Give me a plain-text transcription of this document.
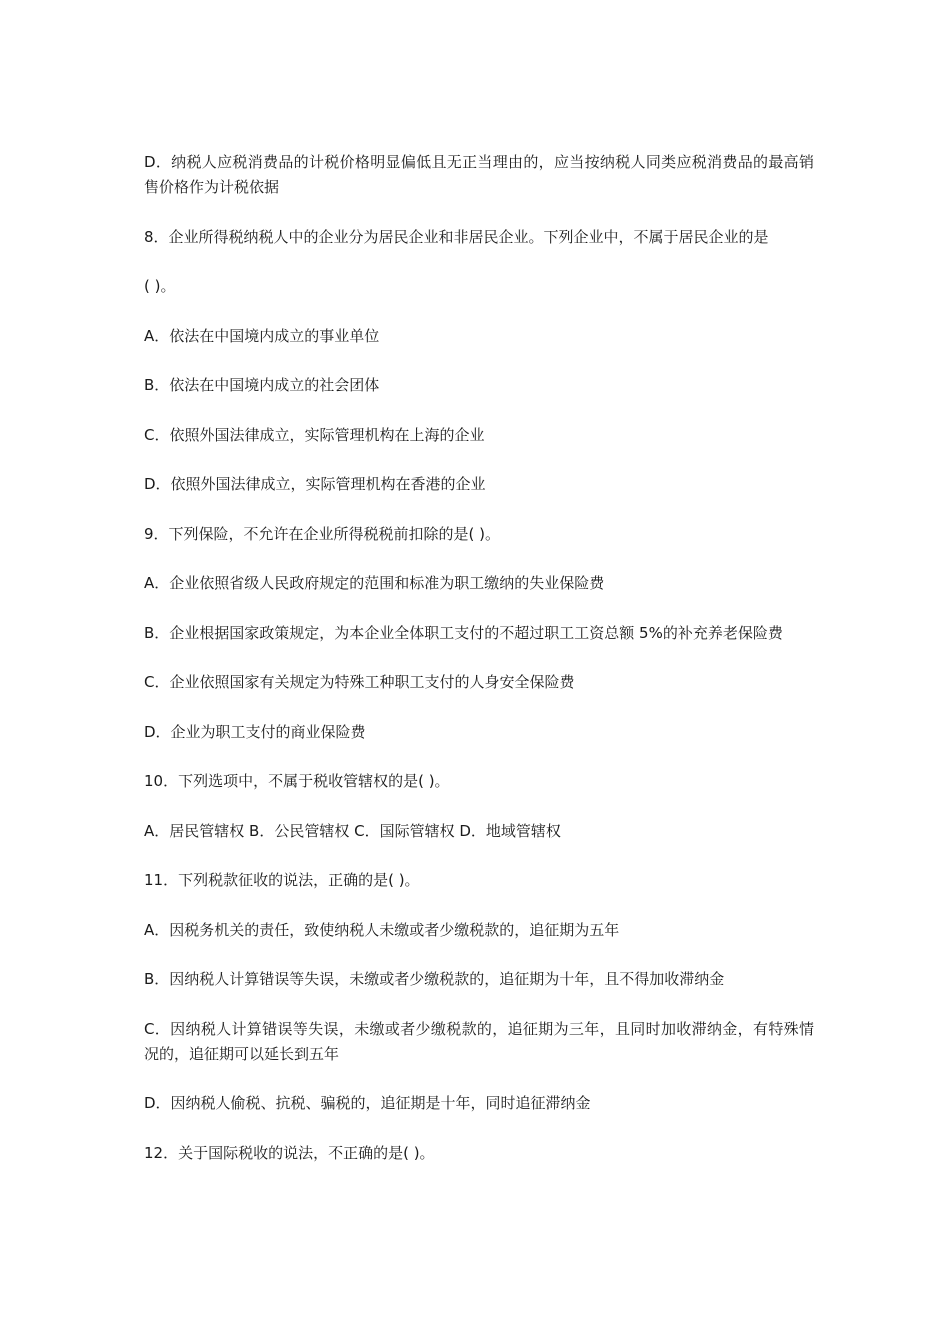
D．纳税人应税消费品的计税价格明显偏低且无正当理由的，应当按纳税人同类应税消费品的最高销售价格作为计税依据

8．企业所得税纳税人中的企业分为居民企业和非居民企业。下列企业中，不属于居民企业的是

( )。

A．依法在中国境内成立的事业单位

B．依法在中国境内成立的社会团体

C．依照外国法律成立，实际管理机构在上海的企业

D．依照外国法律成立，实际管理机构在香港的企业

9．下列保险，不允许在企业所得税税前扣除的是( )。

A．企业依照省级人民政府规定的范围和标准为职工缴纳的失业保险费

B．企业根据国家政策规定，为本企业全体职工支付的不超过职工工资总额 5%的补充养老保险费

C．企业依照国家有关规定为特殊工种职工支付的人身安全保险费

D．企业为职工支付的商业保险费

10．下列选项中，不属于税收管辖权的是( )。

A．居民管辖权 B．公民管辖权 C．国际管辖权 D．地域管辖权

11．下列税款征收的说法，正确的是( )。

A．因税务机关的责任，致使纳税人未缴或者少缴税款的，追征期为五年

B．因纳税人计算错误等失误，未缴或者少缴税款的，追征期为十年，且不得加收滞纳金

C．因纳税人计算错误等失误，未缴或者少缴税款的，追征期为三年，且同时加收滞纳金，有特殊情况的，追征期可以延长到五年

D．因纳税人偷税、抗税、骗税的，追征期是十年，同时追征滞纳金

12．关于国际税收的说法，不正确的是( )。
